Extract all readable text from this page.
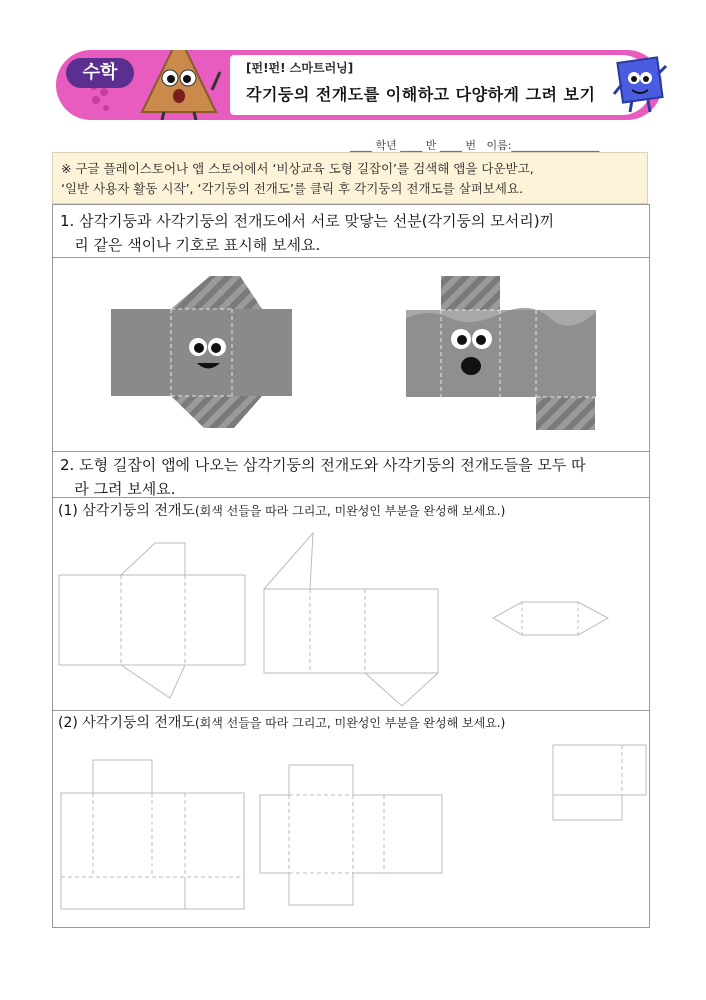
수학	[펀!펀! 스마트러닝]
각기둥의 전개도를 이해하고 다양하게 그려 보기
____ 학년 ____ 반 ____ 번   이름:________________
※ 구글 플레이스토어나 앱 스토어에서 ‘비상교육 도형 길잡이’를 검색해 앱을 다운받고,
‘일반 사용자 활동 시작’, ‘각기둥의 전개도’를 클릭 후 각기둥의 전개도를 살펴보세요.
1. 삼각기둥과 사각기둥의 전개도에서 서로 맞닿는 선분(각기둥의 모서리)끼
리 같은 색이나 기호로 표시해 보세요.
2. 도형 길잡이 앱에 나오는 삼각기둥의 전개도와 사각기둥의 전개도들을 모두 따
라 그려 보세요.
(1) 삼각기둥의 전개도(회색 선들을 따라 그리고, 미완성인 부분을 완성해 보세요.)
(2) 사각기둥의 전개도(회색 선들을 따라 그리고, 미완성인 부분을 완성해 보세요.)
